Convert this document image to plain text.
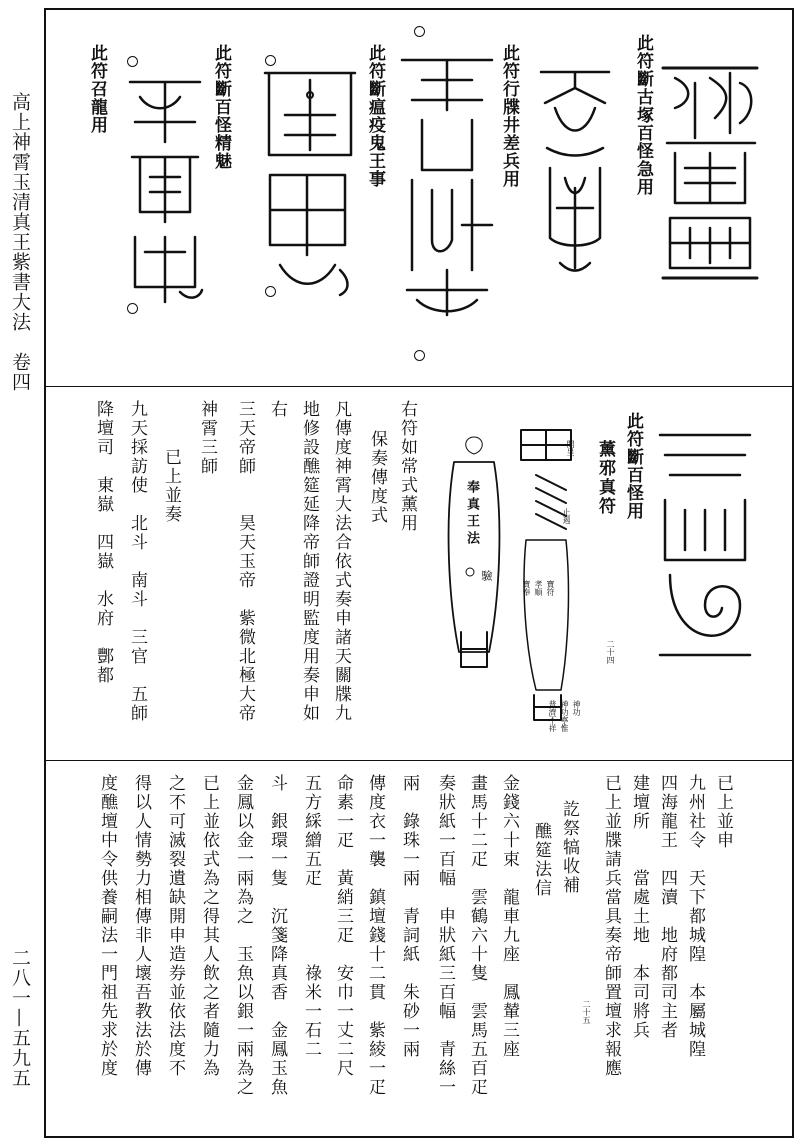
高上神霄玉清真王紫書大法　卷四
二八一—五九五
此符斷古塚百怪急用
此符行牒井差兵用
此符斷瘟疫鬼王事
此符斷百怪精魅
此符召龍用
此符斷百怪用
薰邪真符
二十四
開呈
止遏
神功
神功寧惟
普濟不祥
寶符
孝順
寶奉
奉真王法
驗
右符如常式薰用
保奏傳度式
凡傳度神霄大法合依式奏申諸天關牒九
地修設醮筵延降帝師證明監度用奏申如
右
三天帝師　　昊天玉帝　紫微北極大帝
神霄三師
已上並奏
九天採訪使　北斗　南斗　三官　五師
降壇司　東嶽　四嶽　水府　酆都
已上並申
九州社令　天下都城隍　本屬城隍
四海龍王　四瀆　地府都司主者
建壇所　　當處土地　本司將兵
已上並牒請兵當具奏帝師置壇求報應
二十五
訖祭犒收補
醮筵法信
金錢六十束　龍車九座　鳳輦三座
畫馬十二疋　雲鶴六十隻　雲馬五百疋
奏狀紙一百幅　申狀紙三百幅　青絲一
兩　錄珠一兩　青詞紙　朱砂一兩
傳度衣一襲　鎮壇錢十二貫　紫綾一疋
命素一疋　黃綃三疋　安巾一丈二尺
五方綵繒五疋　　　　祿米一石二
斗　銀環一隻　沉箋降真香　金鳳玉魚
金鳳以金一兩為之　玉魚以銀一兩為之
已上並依式為之得其人飲之者隨力為
之不可滅裂遺缺開申造券並依法度不
得以人情勢力相傳非人壞吾教法於傳
度醮壇中令供養嗣法一門祖先求於度
